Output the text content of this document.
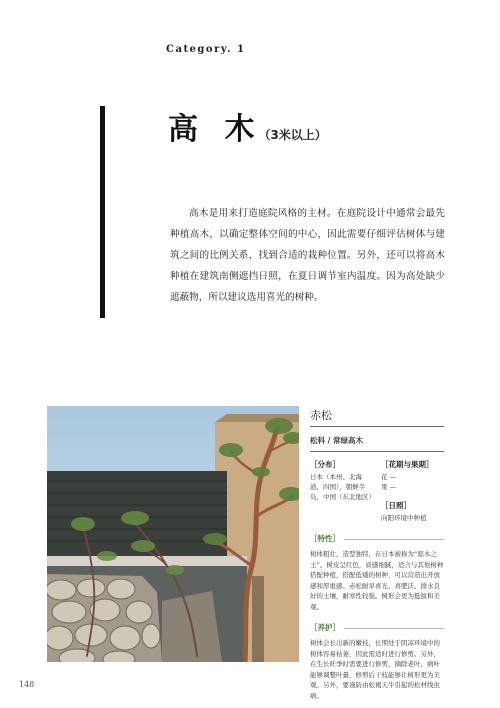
Category. 1
高 木（3米以上）

高木是用来打造庭院风格的主材。在庭院设计中通常会最先种植高木，以确定整体空间的中心，因此需要仔细评估树体与建筑之间的比例关系，找到合适的栽种位置。另外，还可以将高木种植在建筑南侧遮挡日照，在夏日调节室内温度。因为高处缺少遮蔽物，所以建议选用喜光的树种。

赤松
松科 / 常绿高木
［分布］
日本（本州、北海道，四国），朝鲜半岛，中国（东北地区）
［花期与果期］
花 —
果 —
［日照］
向阳环境中种植
［特性］
树体粗壮，造型独特，在日本被称为“庭木之王”。树皮呈红色，质感细腻，适合与其他树种搭配种植，搭配低矮的树种，可以营造出开放感和厚重感。赤松耐旱喜光，喜肥沃、排水良好的土壤，耐寒性较强。树形会更为挺拔和美观。
［养护］
树体会长出新的嫩枝，长期处于阴凉环境中的树体容易枯萎，因此需适时进行修剪。另外，在生长旺季时需要进行修剪，摘除老叶，病叶能够调整叶量，修剪后干枝能够让树形更为美观。另外，要谨防由松褐天牛引起的松材线虫病。
148
